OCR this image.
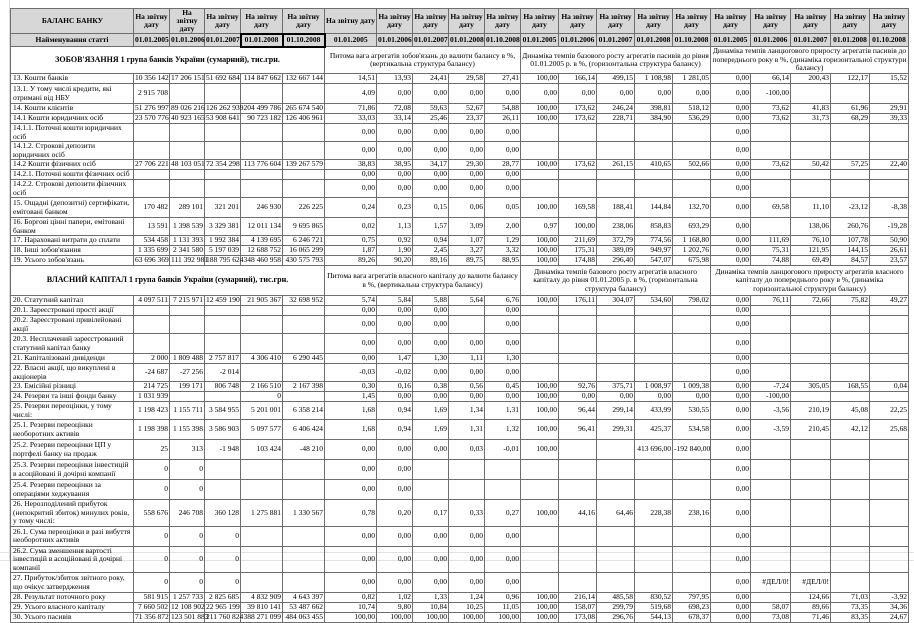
БАЛАНС БАНКУ	На звітну дату	На звітну дату	На звітну дату	На звітну дату	На звітну дату	На звітну дату	На звітну дату	На звітну дату	На звітну дату	На звітну дату	На звітну дату	На звітну дату	На звітну дату	На звітну дату	На звітну дату	На звітну дату	На звітну дату	На звітну дату	На звітну дату	На звітну дату
Найменування статті	01.01.2005	01.01.2006	01.01.2007	01.01.2008	01.10.2008	01.01.2005	01.01.2006	01.01.2007	01.01.2008	01.10.2008	01.01.2005	01.01.2006	01.01.2007	01.01.2008	01.10.2008	01.01.2005	01.01.2006	01.01.2007	01.01.2008	01.10.2008
ЗОБОВ'ЯЗАННЯ 1 група банків України (сумарний), тис.грн.						Питома вага агрегатів зобов'язань до валюти балансу в %, (вертикальна структура балансу)					Динаміка темпів базового росту агрегатів пасивів до рівня 01.01.2005 р. в %, (горизонтальна структура балансу)					Динаміка темпів ланцюгового приросту агрегатів пасивів до попереднього року в %, (динаміка горизонтальної структури балансу)				
13. Кошти банків	10 356 142	17 206 151	51 692 684	114 847 662	132 667 144	14,51	13,93	24,41	29,58	27,41	100,00	166,14	499,15	1 108,98	1 281,05	0,00	66,14	200,43	122,17	15,52
13.1. У тому числі кредити, які отримані від НБУ	2 915 708					4,09	0,00	0,00	0,00	0,00	0,00	0,00	0,00	0,00	0,00	0,00	-100,00			
14. Кошти клієнтів	51 276 997	89 026 216	126 262 939	204 499 786	265 674 540	71,86	72,08	59,63	52,67	54,88	100,00	173,62	246,24	398,81	518,12	0,00	73,62	41,83	61,96	29,91
14.1 Кошти юридичних осіб	23 570 776	40 923 165	53 908 641	90 723 182	126 406 961	33,03	33,14	25,46	23,37	26,11	100,00	173,62	228,71	384,90	536,29	0,00	73,62	31,73	68,29	39,33
14.1.1. Поточні кошти юридичних осіб						0,00	0,00	0,00	0,00	0,00						0,00				
14.1.2. Строкові депозити юридичних осіб						0,00	0,00	0,00	0,00	0,00						0,00				
14.2 Кошти фізичних осіб	27 706 221	48 103 051	72 354 298	113 776 604	139 267 579	38,83	38,95	34,17	29,30	28,77	100,00	173,62	261,15	410,65	502,66	0,00	73,62	50,42	57,25	22,40
14.2.1. Поточні кошти фізичних осіб						0,00	0,00	0,00	0,00	0,00						0,00				
14.2.2. Строкові депозити фізичних осіб						0,00	0,00	0,00	0,00	0,00						0,00				
15. Ощадні (депозитні) сертифікати, емітовані банком	170 482	289 101	321 201	246 930	226 225	0,24	0,23	0,15	0,06	0,05	100,00	169,58	188,41	144,84	132,70	0,00	69,58	11,10	-23,12	-8,38
16. Боргові цінні папери, емітовані банком	13 591	1 398 539	3 329 381	12 011 134	9 695 865	0,02	1,13	1,57	3,09	2,00	0,97	100,00	238,06	858,83	693,29	0,00		138,06	260,76	-19,28
17. Нараховані витрати до сплати	534 458	1 131 393	1 992 384	4 139 695	6 246 721	0,75	0,92	0,94	1,07	1,29	100,00	211,69	372,79	774,56	1 168,80	0,00	111,69	76,10	107,78	50,90
18. Інші зобов'язання	1 335 699	2 341 580	5 197 039	12 688 752	16 065 299	1,87	1,90	2,45	3,27	3,32	100,00	175,31	389,09	949,97	1 202,76	0,00	75,31	121,95	144,15	26,61
19. Усього зобов'язань	63 696 369	111 392 981	188 795 624	348 460 958	430 575 793	89,26	90,20	89,16	89,75	88,95	100,00	174,88	296,40	547,07	675,98	0,00	74,88	69,49	84,57	23,57
ВЛАСНИЙ КАПІТАЛ 1 група банків України (сумарний), тис.грн.						Питома вага агрегатів власного капіталу до валюти балансу в %, (вертикальна структура балансу)					Динаміка темпів базового росту агрегатів власного капіталу до рівня 01.01.2005 р. в %, (горизонтальна структура балансу)					Динаміка темпів ланцюгового приросту агрегатів власного капіталу до попереднього року в %, (динаміка горизонтальної структури балансу)				
20. Статутний капітал	4 097 511	7 215 971	12 459 190	21 905 367	32 698 952	5,74	5,84	5,88	5,64	6,76	100,00	176,11	304,07	534,60	798,02	0,00	76,11	72,66	75,82	49,27
20.1. Зареєстровані прості акції						0,00	0,00	0,00		0,00						0,00				
20.2. Зареєстровані привілейовані акції						0,00	0,00	0,00		0,00						0,00				
20.3. Несплачений зареєстрований статутний капітал банку						0,00	0,00	0,00	0,00	0,00						0,00				
21. Капіталізовані дивіденди	2 000	1 809 488	2 757 817	4 306 410	6 290 445	0,00	1,47	1,30	1,11	1,30						0,00				
22. Власні акції, що викуплені в акціонерів	-24 687	-27 256	-2 014			-0,03	-0,02	0,00	0,00	0,00						0,00				
23. Емісійні різниці	214 725	199 171	806 748	2 166 510	2 167 398	0,30	0,16	0,38	0,56	0,45	100,00	92,76	375,71	1 008,97	1 009,38	0,00	-7,24	305,05	168,55	0,04
24. Резерви та інші фонди банку	1 031 939			0		1,45	0,00	0,00	0,00	0,00	100,00	0,00	0,00	0,00	0,00	0,00	-100,00			
25. Резерви переоцінки, у тому числі:	1 198 423	1 155 711	3 584 955	5 201 001	6 358 214	1,68	0,94	1,69	1,34	1,31	100,00	96,44	299,14	433,99	530,55	0,00	-3,56	210,19	45,08	22,25
25.1. Резерви переоцінки необоротних активів	1 198 398	1 155 398	3 586 903	5 097 577	6 406 424	1,68	0,94	1,69	1,31	1,32	100,00	96,41	299,31	425,37	534,58	0,00	-3,59	210,45	42,12	25,68
25.2. Резерви переоцінки ЦП у портфелі банку на продаж	25	313	-1 948	103 424	-48 210	0,00	0,00	0,00	0,03	-0,01	100,00			413 696,00	-192 840,00	0,00				
25.3. Резерви переоцінки інвестицій в асоційовані й дочірні компанії	0	0				0,00	0,00									0,00				
25.4. Резерви переоцінки за операціями хеджування	0	0				0,00	0,00									0,00				
26. Нерозподілений прибуток (непокритий збиток) минулих років, у тому числі:	558 676	246 708	360 128	1 275 881	1 330 567	0,78	0,20	0,17	0,33	0,27	100,00	44,16	64,46	228,38	238,16	0,00				
26.1. Сума переоцінки в разі вибуття необоротних активів	0	0	0			0,00	0,00	0,00	0,00	0,00						0,00				
26.2. Сума зменшення вартості інвестицій в асоційовані й дочірні компанії	0	0	0			0,00	0,00	0,00	0,00	0,00						0,00				
27. Прибуток/збиток звітного року, що очікує затвердження	0	0	0			0,00	0,00	0,00	0,00	0,00						0,00	#ДЕЛ/0!	#ДЕЛ/0!		
28. Результат поточного року	581 915	1 257 733	2 825 685	4 832 909	4 643 397	0,82	1,02	1,33	1,24	0,96	100,00	216,14	485,58	830,52	797,95	0,00		124,66	71,03	-3,92
29. Усього власного капіталу	7 660 502	12 108 902	22 965 199	39 810 141	53 487 662	10,74	9,80	10,84	10,25	11,05	100,00	158,07	299,79	519,68	698,23	0,00	58,07	89,66	73,35	34,36
30. Усього пасивів	71 356 872	123 501 883	211 760 824	388 271 099	484 063 455	100,00	100,00	100,00	100,00	100,00	100,00	173,08	296,76	544,13	678,37	0,00	73,08	71,46	83,35	24,67
